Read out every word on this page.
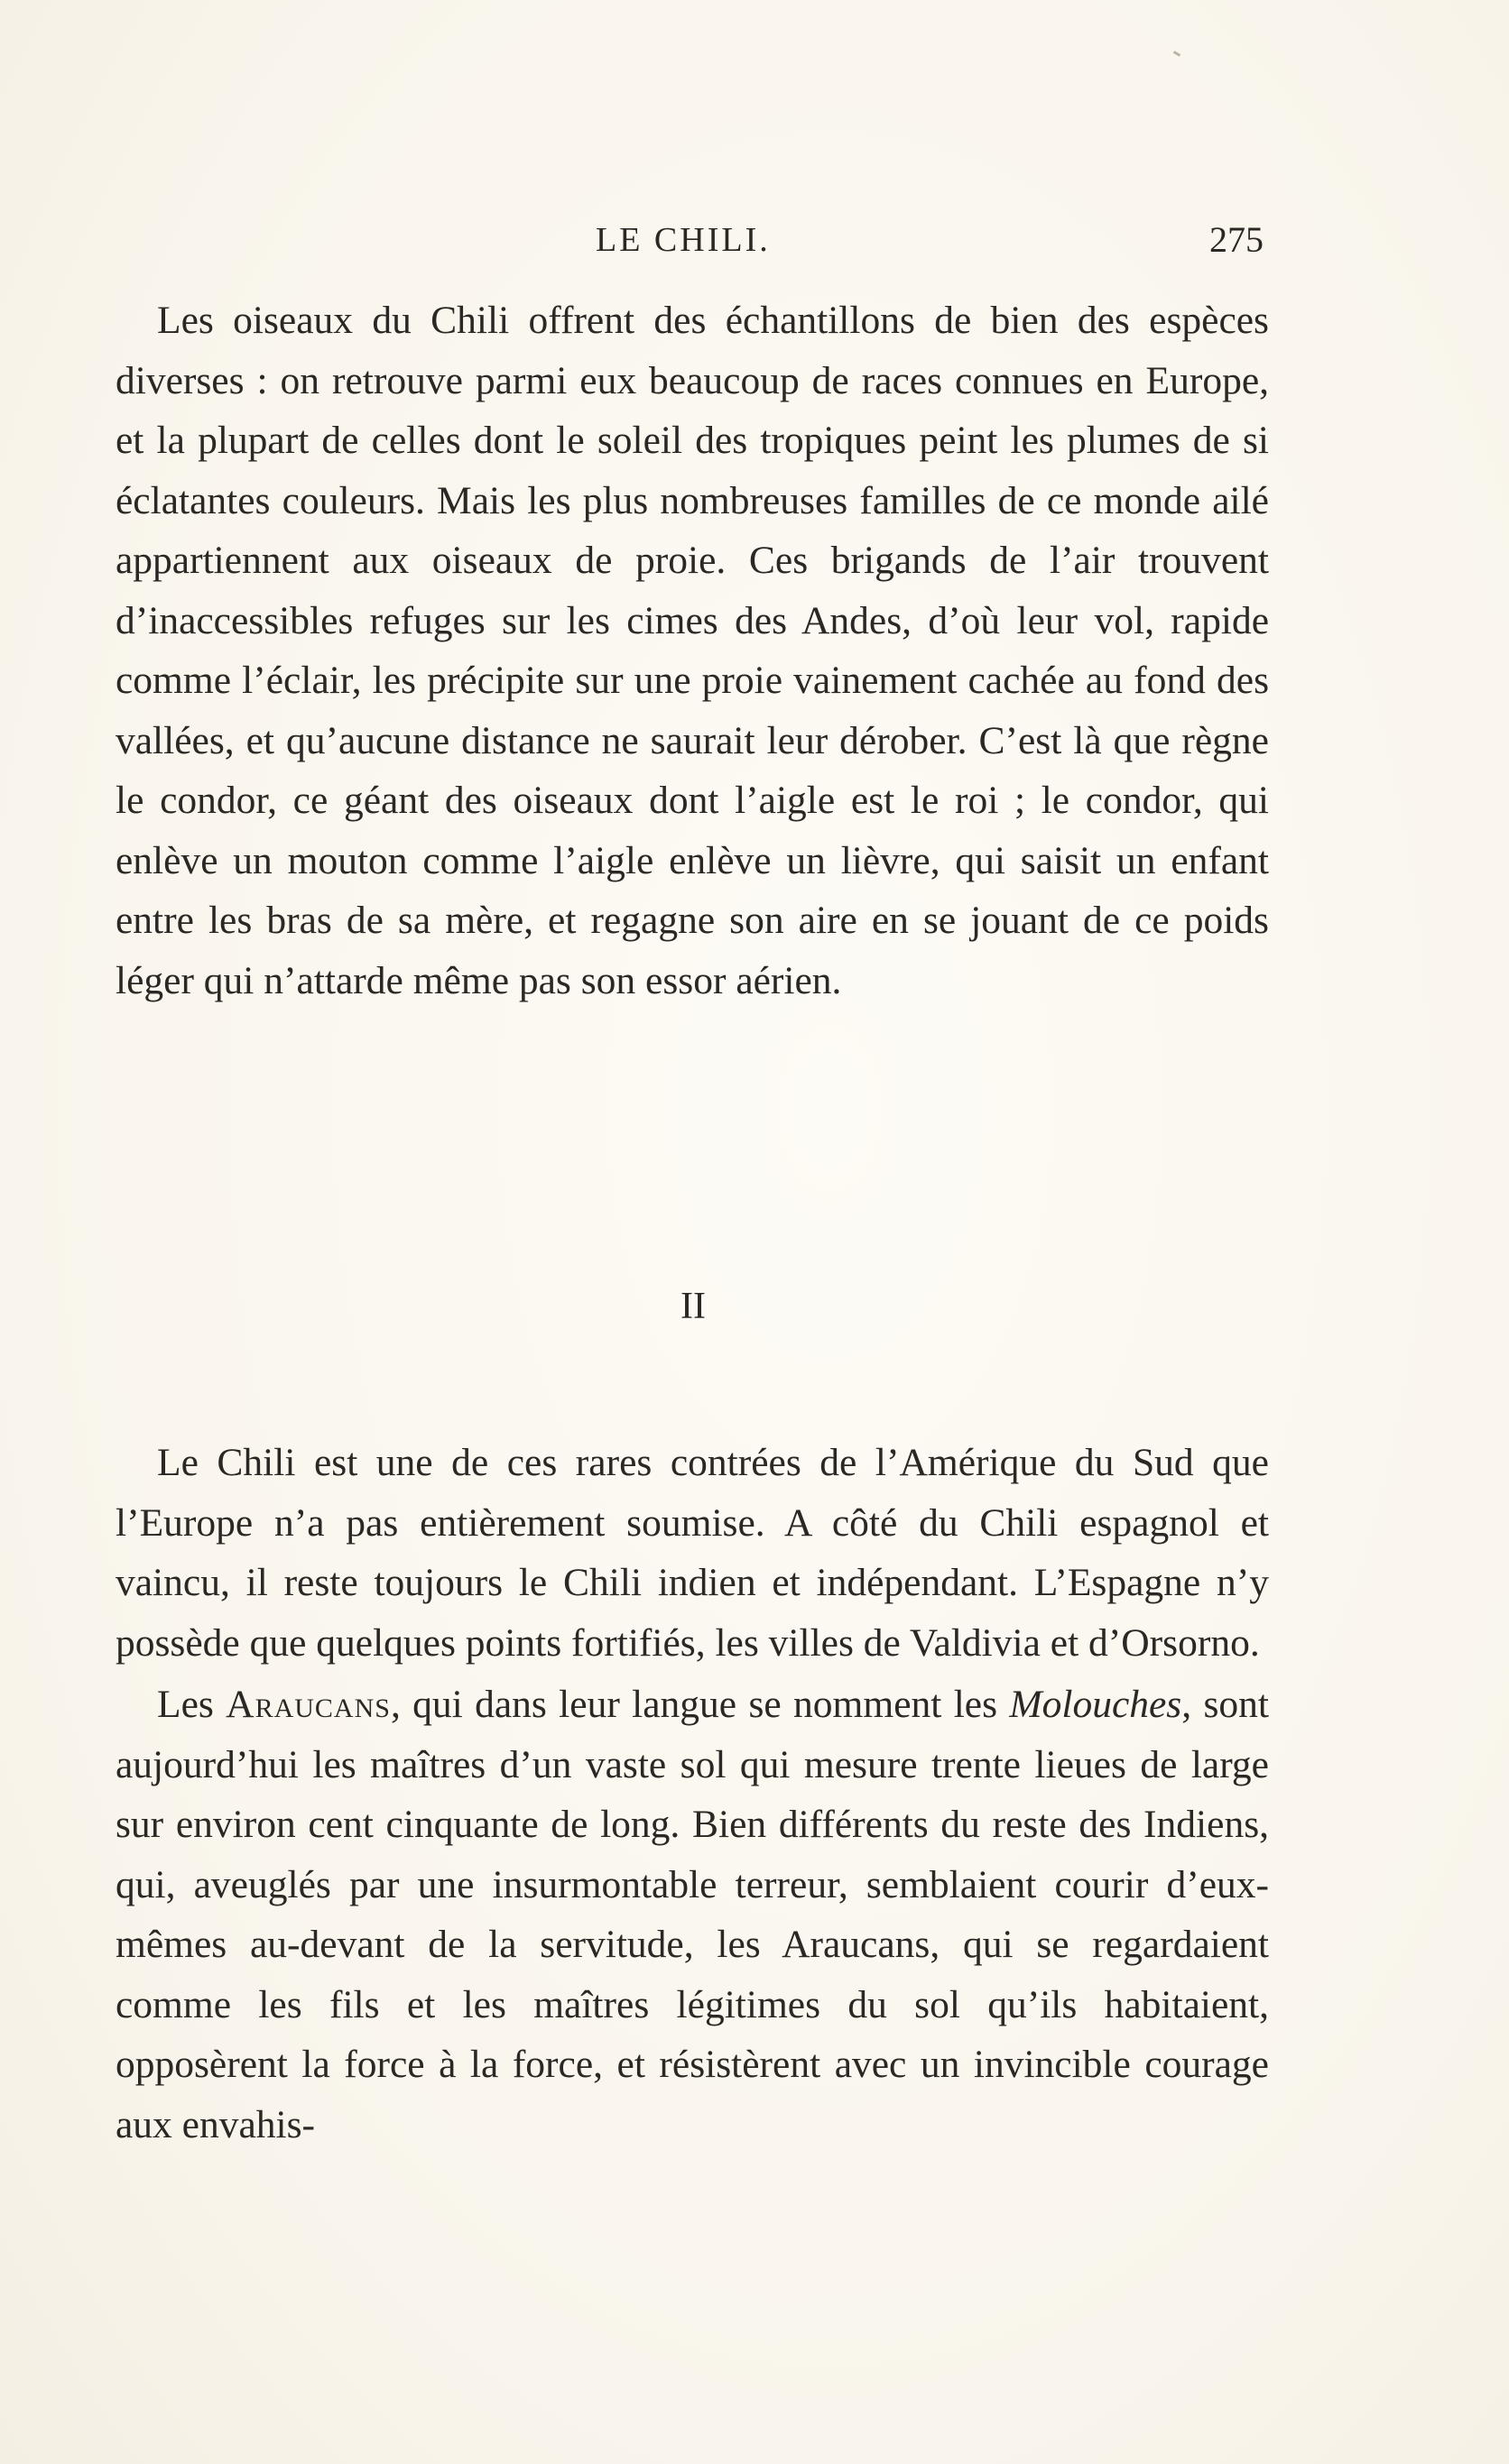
LE CHILI.	275

Les oiseaux du Chili offrent des échantillons de bien des espèces diverses : on retrouve parmi eux beaucoup de races connues en Europe, et la plupart de celles dont le soleil des tropiques peint les plumes de si éclatantes couleurs. Mais les plus nombreuses familles de ce monde ailé appartiennent aux oiseaux de proie. Ces brigands de l’air trouvent d’inaccessibles refuges sur les cimes des Andes, d’où leur vol, rapide comme l’éclair, les précipite sur une proie vainement cachée au fond des vallées, et qu’aucune distance ne saurait leur dérober. C’est là que règne le condor, ce géant des oiseaux dont l’aigle est le roi ; le condor, qui enlève un mouton comme l’aigle enlève un lièvre, qui saisit un enfant entre les bras de sa mère, et regagne son aire en se jouant de ce poids léger qui n’attarde même pas son essor aérien.

II

Le Chili est une de ces rares contrées de l’Amérique du Sud que l’Europe n’a pas entièrement soumise. A côté du Chili espagnol et vaincu, il reste toujours le Chili indien et indépendant. L’Espagne n’y possède que quelques points fortifiés, les villes de Valdivia et d’Orsorno.

Les Araucans, qui dans leur langue se nomment les Molouches, sont aujourd’hui les maîtres d’un vaste sol qui mesure trente lieues de large sur environ cent cinquante de long. Bien différents du reste des Indiens, qui, aveuglés par une insurmontable terreur, semblaient courir d’eux-mêmes au-devant de la servitude, les Araucans, qui se regardaient comme les fils et les maîtres légitimes du sol qu’ils habitaient, opposèrent la force à la force, et résistèrent avec un invincible courage aux envahis-
